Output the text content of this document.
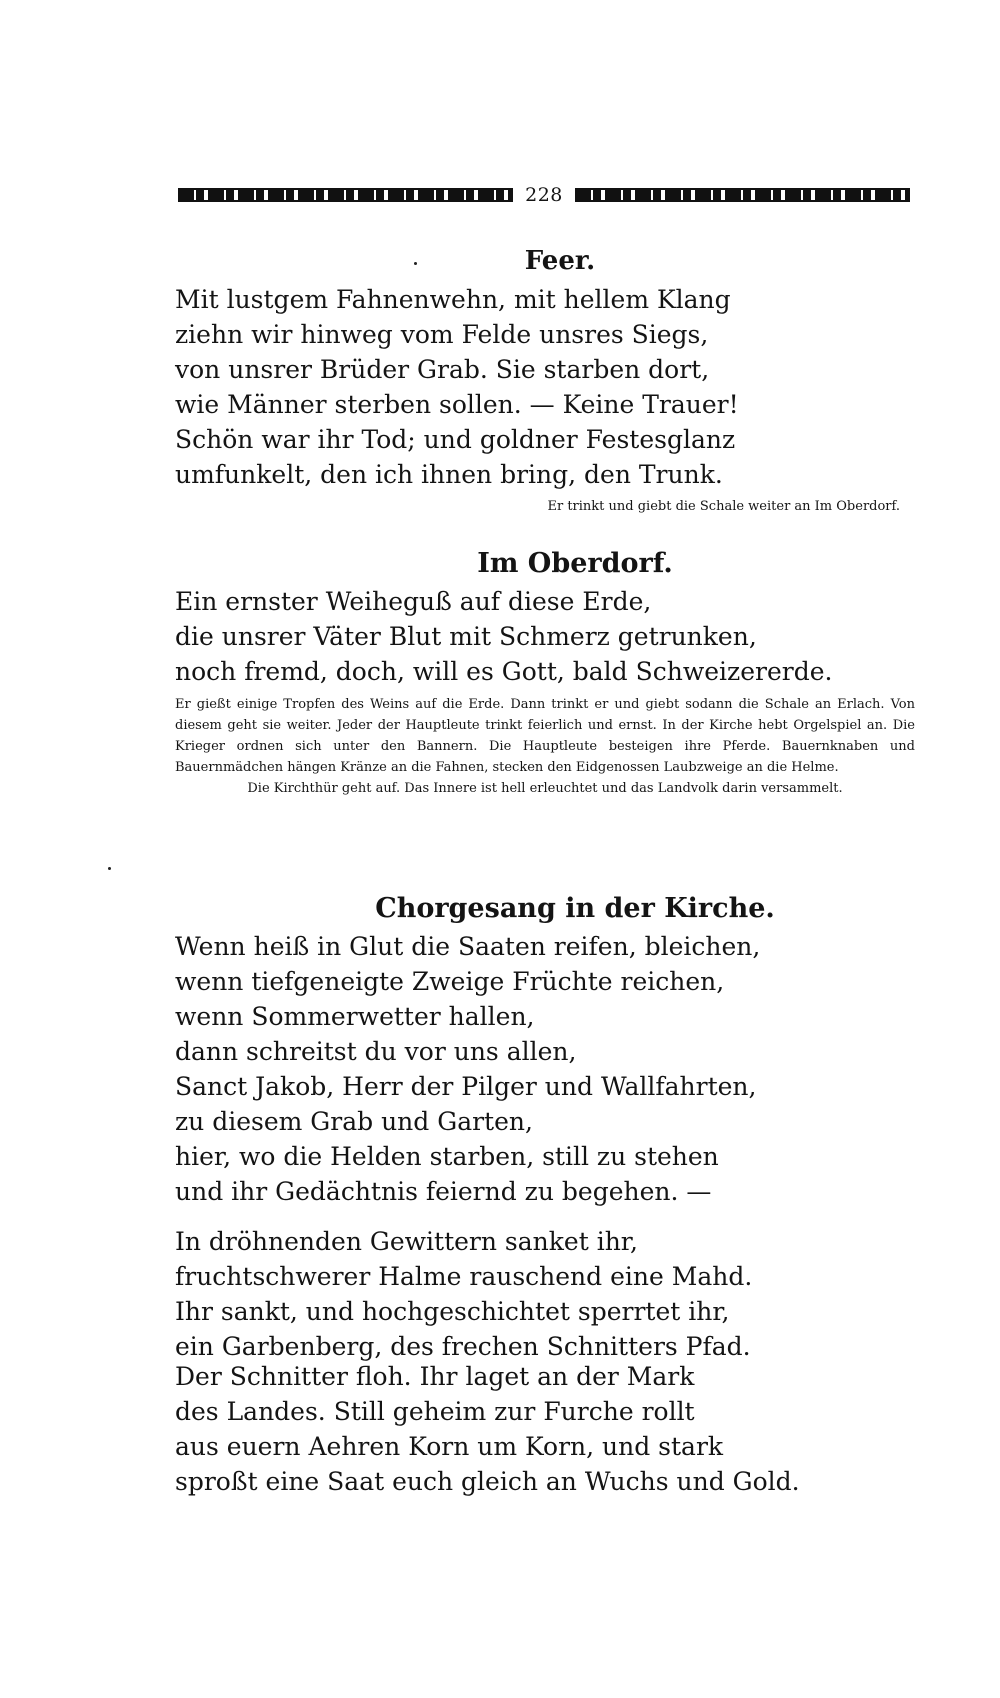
228
Feer.
Mit lustgem Fahnenwehn, mit hellem Klang
ziehn wir hinweg vom Felde unsres Siegs,
von unsrer Brüder Grab. Sie starben dort,
wie Männer sterben sollen. — Keine Trauer!
Schön war ihr Tod; und goldner Festesglanz
umfunkelt, den ich ihnen bring, den Trunk.
Er trinkt und giebt die Schale weiter an Im Oberdorf.
Im Oberdorf.
Ein ernster Weiheguß auf diese Erde,
die unsrer Väter Blut mit Schmerz getrunken,
noch fremd, doch, will es Gott, bald Schweizererde.

Er gießt einige Tropfen des Weins auf die Erde. Dann trinkt er und giebt sodann die Schale an Erlach. Von diesem geht sie weiter. Jeder der Hauptleute trinkt feierlich und ernst. In der Kirche hebt Orgelspiel an. Die Krieger ordnen sich unter den Bannern. Die Hauptleute besteigen ihre Pferde. Bauernknaben und Bauernmädchen hängen Kränze an die Fahnen, stecken den Eidgenossen Laubzweige an die Helme.

Die Kirchthür geht auf. Das Innere ist hell erleuchtet und das Landvolk darin versammelt.

Chorgesang in der Kirche.
Wenn heiß in Glut die Saaten reifen, bleichen,
wenn tiefgeneigte Zweige Früchte reichen,
wenn Sommerwetter hallen,
dann schreitst du vor uns allen,
Sanct Jakob, Herr der Pilger und Wallfahrten,
zu diesem Grab und Garten,
hier, wo die Helden starben, still zu stehen
und ihr Gedächtnis feiernd zu begehen. —
In dröhnenden Gewittern sanket ihr,
fruchtschwerer Halme rauschend eine Mahd.
Ihr sankt, und hochgeschichtet sperrtet ihr,
ein Garbenberg, des frechen Schnitters Pfad.
Der Schnitter floh. Ihr laget an der Mark
des Landes. Still geheim zur Furche rollt
aus euern Aehren Korn um Korn, und stark
sproßt eine Saat euch gleich an Wuchs und Gold.
